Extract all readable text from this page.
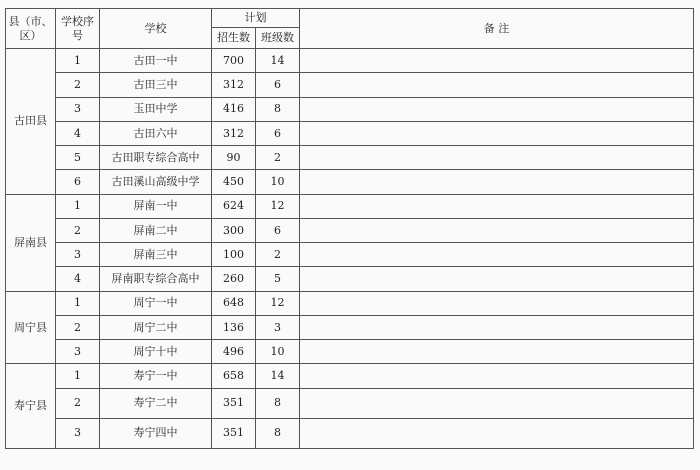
县（市、区）	学校序号	学校	计划		备 注
			招生数	班级数	
古田县	1	古田一中	700	14	
	2	古田三中	312	6	
	3	玉田中学	416	8	
	4	古田六中	312	6	
	5	古田职专综合高中	90	2	
	6	古田溪山高级中学	450	10	
屏南县	1	屏南一中	624	12	
	2	屏南二中	300	6	
	3	屏南三中	100	2	
	4	屏南职专综合高中	260	5	
周宁县	1	周宁一中	648	12	
	2	周宁二中	136	3	
	3	周宁十中	496	10	
寿宁县	1	寿宁一中	658	14	
	2	寿宁二中	351	8	
	3	寿宁四中	351	8	
